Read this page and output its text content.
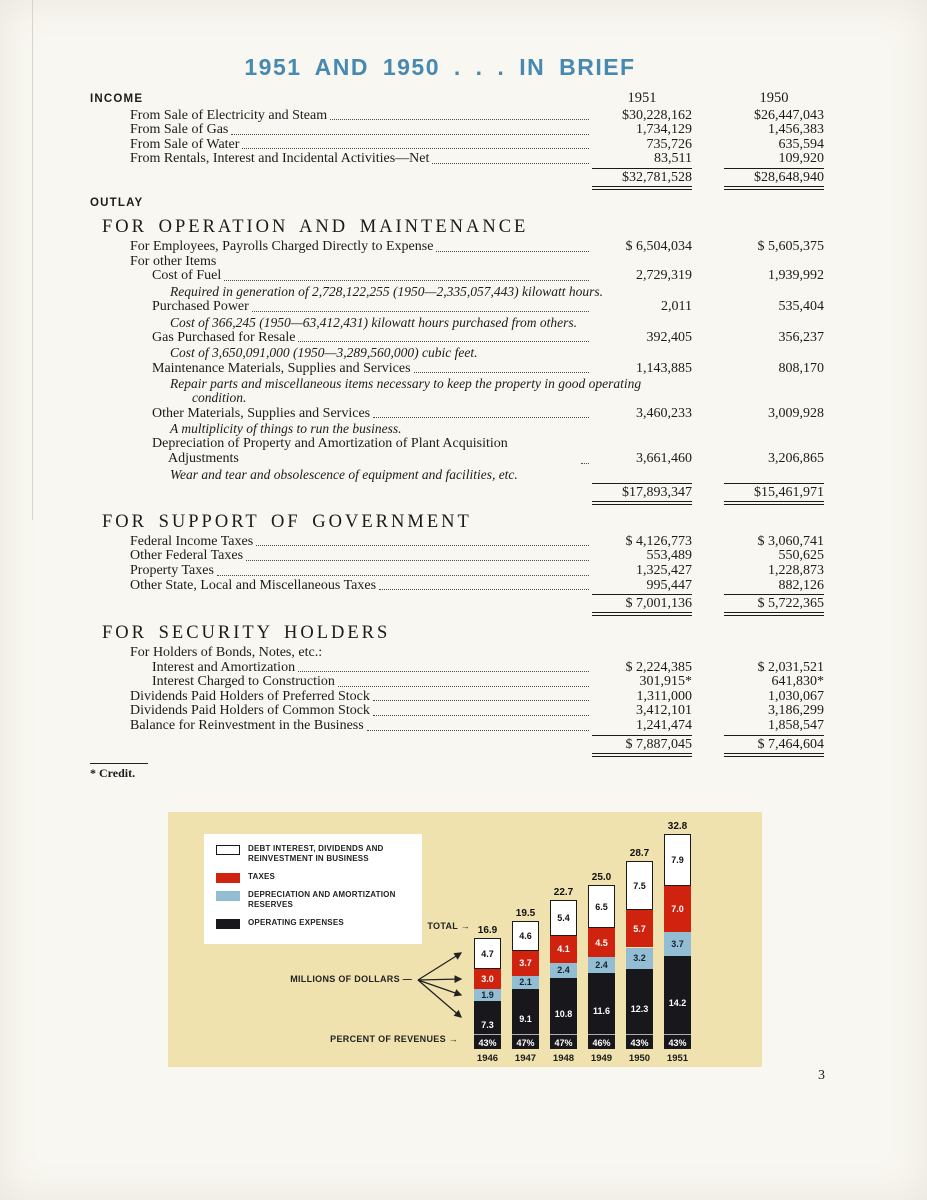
1951 AND 1950 . . . IN BRIEF
INCOME	1951	1950
From Sale of Electricity and Steam	$30,228,162	$26,447,043
From Sale of Gas	1,734,129	1,456,383
From Sale of Water	735,726	635,594
From Rentals, Interest and Incidental Activities—Net	83,511	109,920
$32,781,528	$28,648,940
OUTLAY
FOR OPERATION AND MAINTENANCE
For Employees, Payrolls Charged Directly to Expense	$ 6,504,034	$ 5,605,375
For other Items
Cost of Fuel	2,729,319	1,939,992
Required in generation of 2,728,122,255 (1950—2,335,057,443) kilowatt hours.
Purchased Power	2,011	535,404
Cost of 366,245 (1950—63,412,431) kilowatt hours purchased from others.
Gas Purchased for Resale	392,405	356,237
Cost of 3,650,091,000 (1950—3,289,560,000) cubic feet.
Maintenance Materials, Supplies and Services	1,143,885	808,170
Repair parts and miscellaneous items necessary to keep the property in good operating condition.
Other Materials, Supplies and Services	3,460,233	3,009,928
A multiplicity of things to run the business.
Depreciation of Property and Amortization of Plant Acquisition Adjustments	3,661,460	3,206,865
Wear and tear and obsolescence of equipment and facilities, etc.
$17,893,347	$15,461,971
FOR SUPPORT OF GOVERNMENT
Federal Income Taxes	$ 4,126,773	$ 3,060,741
Other Federal Taxes	553,489	550,625
Property Taxes	1,325,427	1,228,873
Other State, Local and Miscellaneous Taxes	995,447	882,126
$ 7,001,136	$ 5,722,365
FOR SECURITY HOLDERS
For Holders of Bonds, Notes, etc.:
Interest and Amortization	$ 2,224,385	$ 2,031,521
Interest Charged to Construction	301,915*	641,830*
Dividends Paid Holders of Preferred Stock	1,311,000	1,030,067
Dividends Paid Holders of Common Stock	3,412,101	3,186,299
Balance for Reinvestment in the Business	1,241,474	1,858,547
$ 7,887,045	$ 7,464,604
* Credit.
DEBT INTEREST, DIVIDENDS AND REINVESTMENT IN BUSINESS
TAXES
DEPRECIATION AND AMORTIZATION RESERVES
OPERATING EXPENSES	TOTAL →
MILLIONS OF DOLLARS —
PERCENT OF REVENUES →
7.3
1.9
3.0
4.7
43%
16.9
1946
9.1
2.1
3.7
4.6
47%
19.5
1947
10.8
2.4
4.1
5.4
47%
22.7
1948
11.6
2.4
4.5
6.5
46%
25.0
1949
12.3
3.2
5.7
7.5
43%
28.7
1950
14.2
3.7
7.0
7.9
43%
32.8
1951
3
